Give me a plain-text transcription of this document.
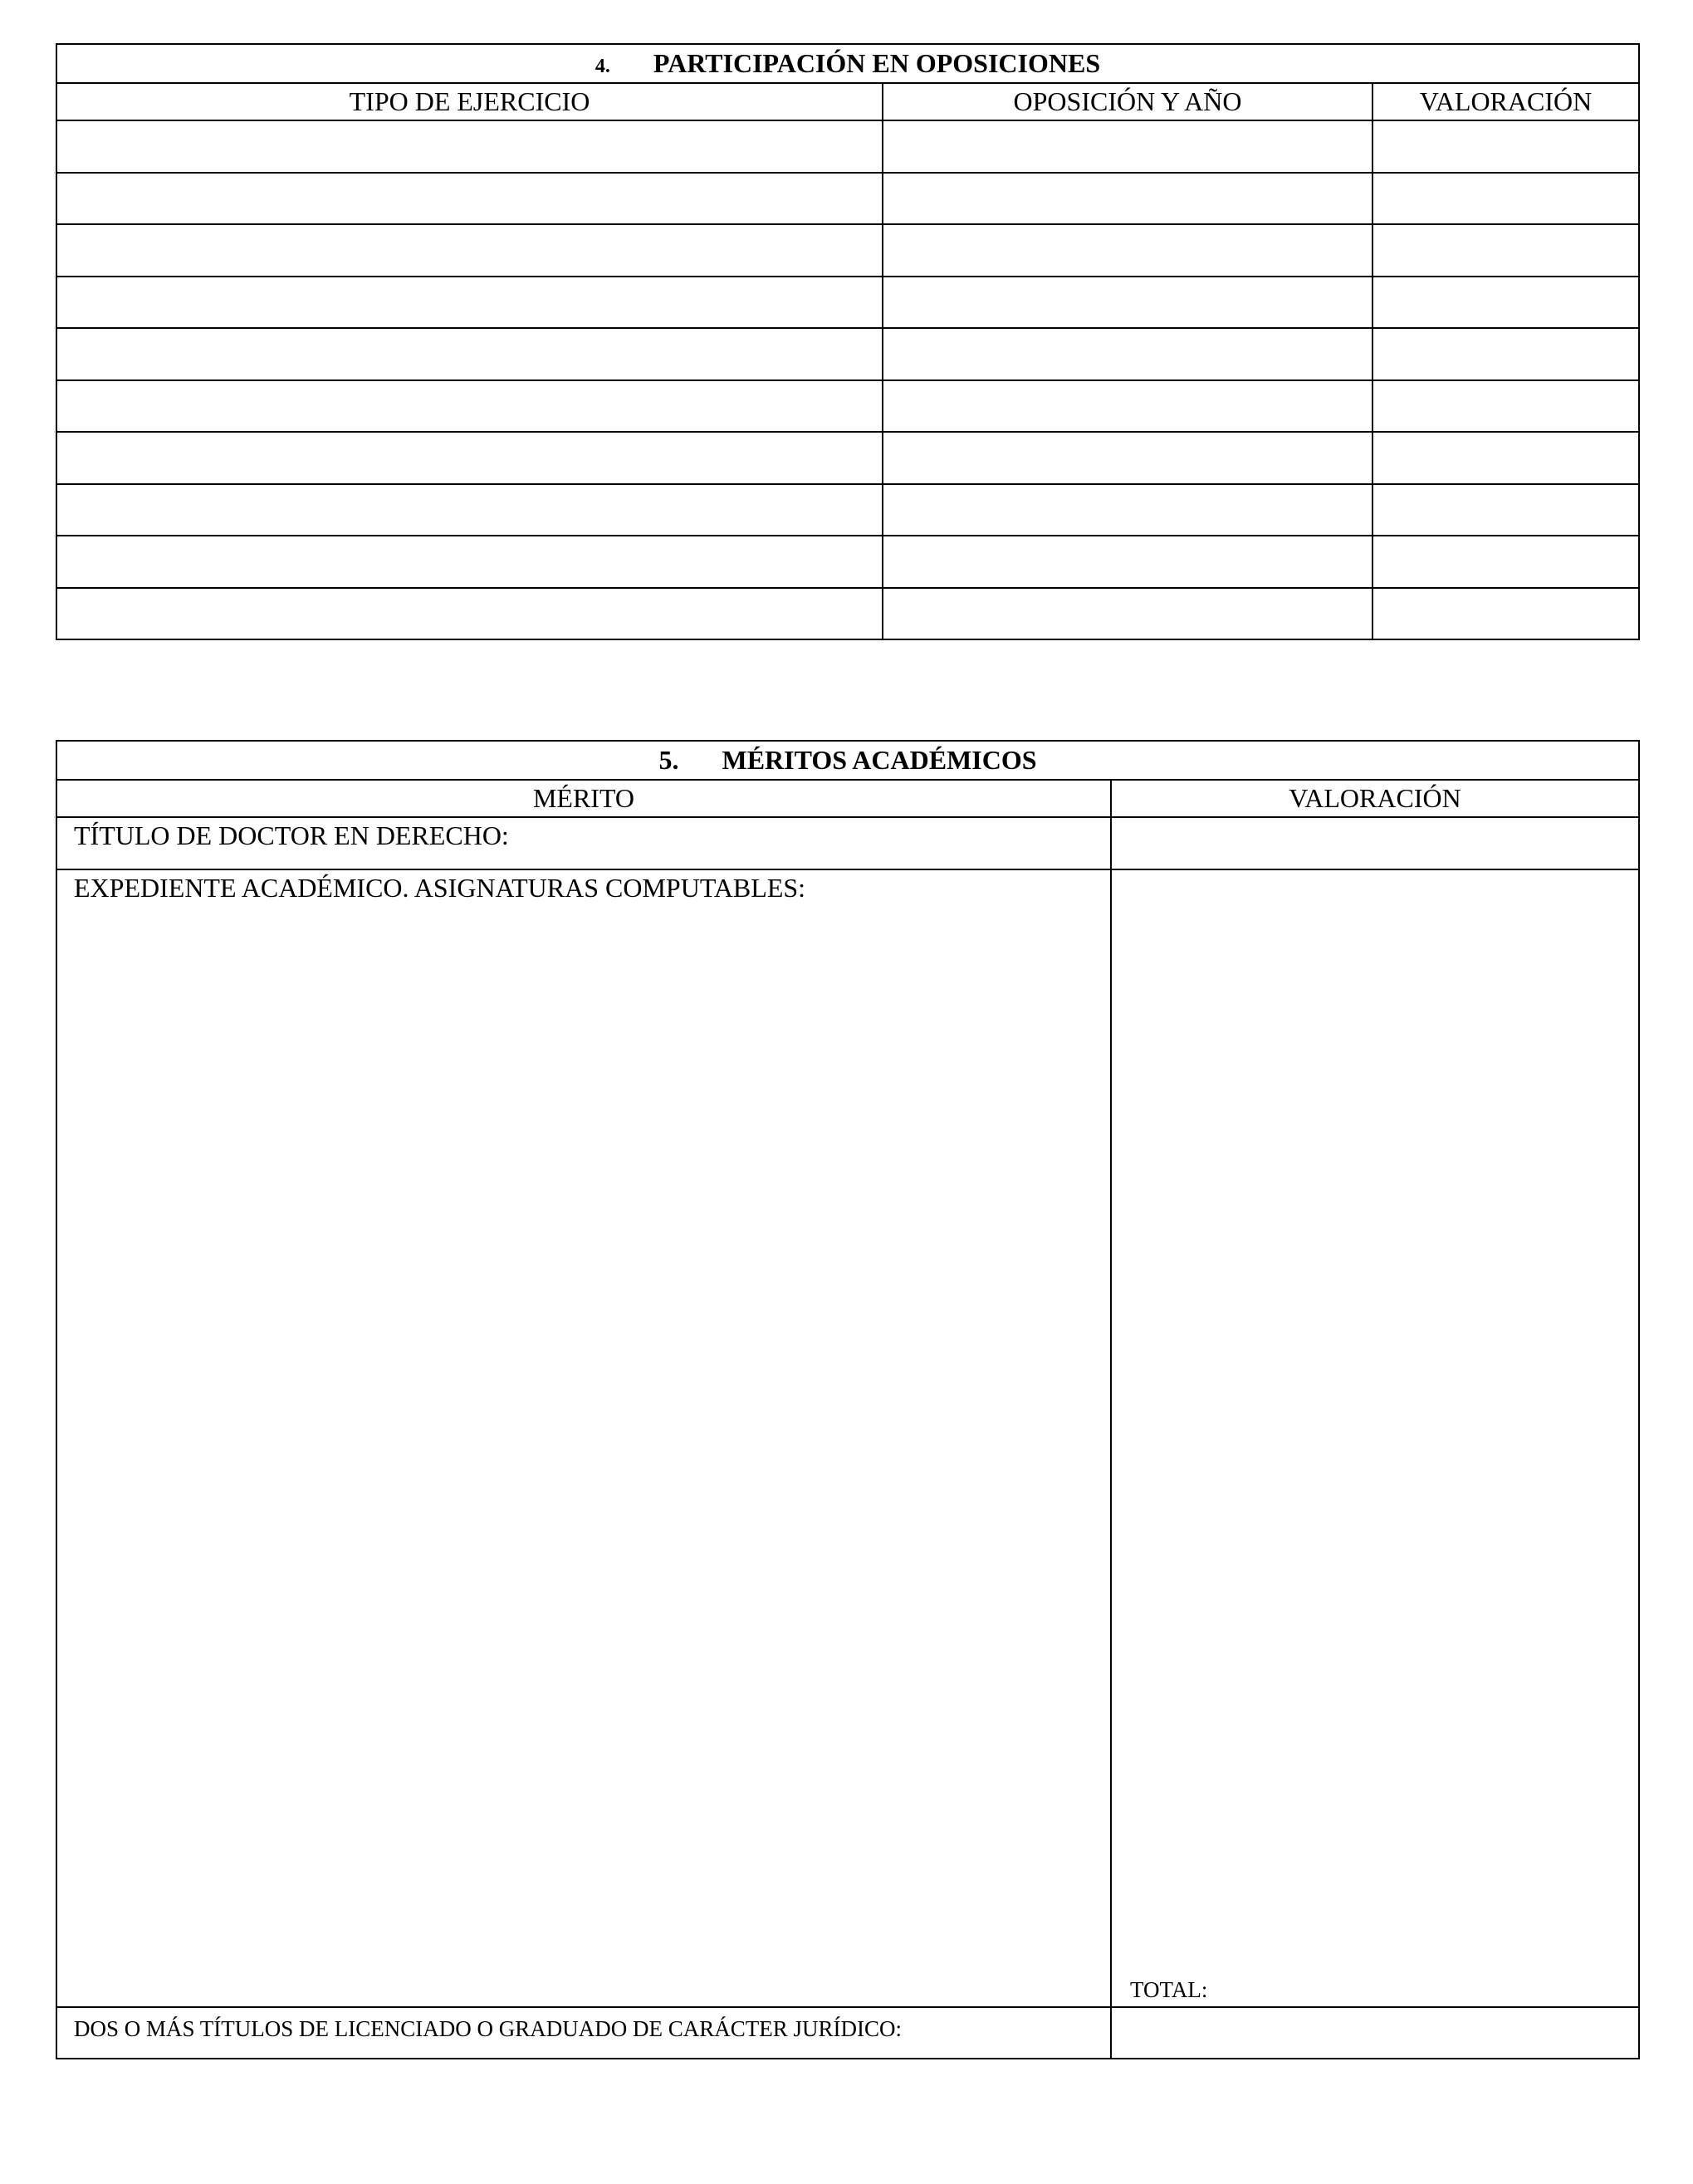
4. PARTICIPACIÓN EN OPOSICIONES		
TIPO DE EJERCICIO	OPOSICIÓN Y AÑO	VALORACIÓN

5. MÉRITOS ACADÉMICOS	
MÉRITO	VALORACIÓN

TÍTULO DE DOCTOR EN DERECHO:	

EXPEDIENTE ACADÉMICO. ASIGNATURAS COMPUTABLES:	TOTAL:

DOS O MÁS TÍTULOS DE LICENCIADO O GRADUADO DE CARÁCTER JURÍDICO:	
